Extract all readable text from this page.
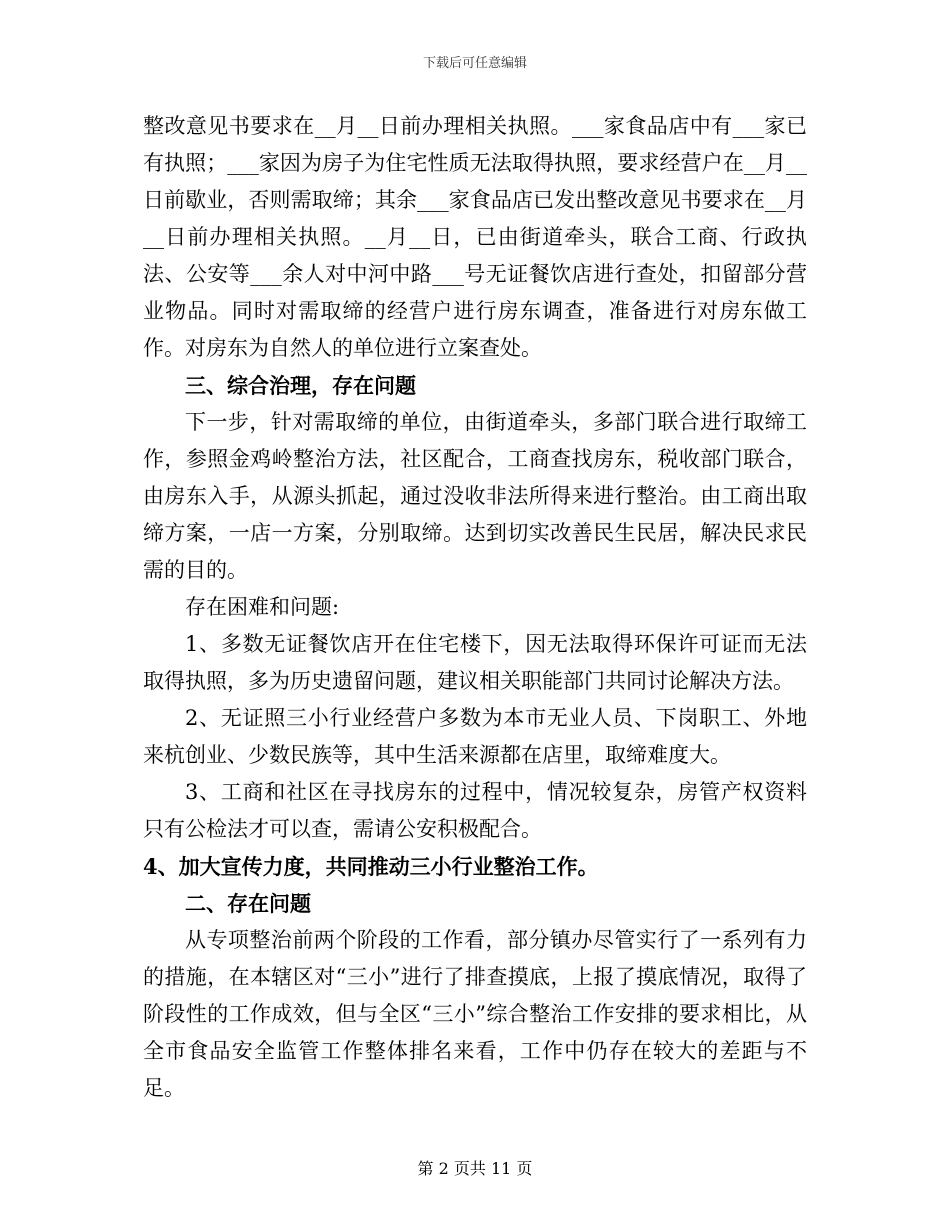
下载后可任意编辑

整改意见书要求在__月__日前办理相关执照。___家食品店中有___家已有执照；___家因为房子为住宅性质无法取得执照，要求经营户在__月__日前歇业，否则需取缔；其余___家食品店已发出整改意见书要求在__月__日前办理相关执照。__月__日，已由街道牵头，联合工商、行政执法、公安等___余人对中河中路___号无证餐饮店进行查处，扣留部分营业物品。同时对需取缔的经营户进行房东调查，准备进行对房东做工作。对房东为自然人的单位进行立案查处。

三、综合治理，存在问题

下一步，针对需取缔的单位，由街道牵头，多部门联合进行取缔工作，参照金鸡岭整治方法，社区配合，工商查找房东，税收部门联合，由房东入手，从源头抓起，通过没收非法所得来进行整治。由工商出取缔方案，一店一方案，分别取缔。达到切实改善民生民居，解决民求民需的目的。

存在困难和问题:

1、多数无证餐饮店开在住宅楼下，因无法取得环保许可证而无法取得执照，多为历史遗留问题，建议相关职能部门共同讨论解决方法。

2、无证照三小行业经营户多数为本市无业人员、下岗职工、外地来杭创业、少数民族等，其中生活来源都在店里，取缔难度大。

3、工商和社区在寻找房东的过程中，情况较复杂，房管产权资料只有公检法才可以查，需请公安积极配合。

4、加大宣传力度，共同推动三小行业整治工作。

二、存在问题

从专项整治前两个阶段的工作看，部分镇办尽管实行了一系列有力的措施，在本辖区对“三小”进行了排查摸底，上报了摸底情况，取得了阶段性的工作成效，但与全区“三小”综合整治工作安排的要求相比，从全市食品安全监管工作整体排名来看，工作中仍存在较大的差距与不足。

第 2 页共 11 页
